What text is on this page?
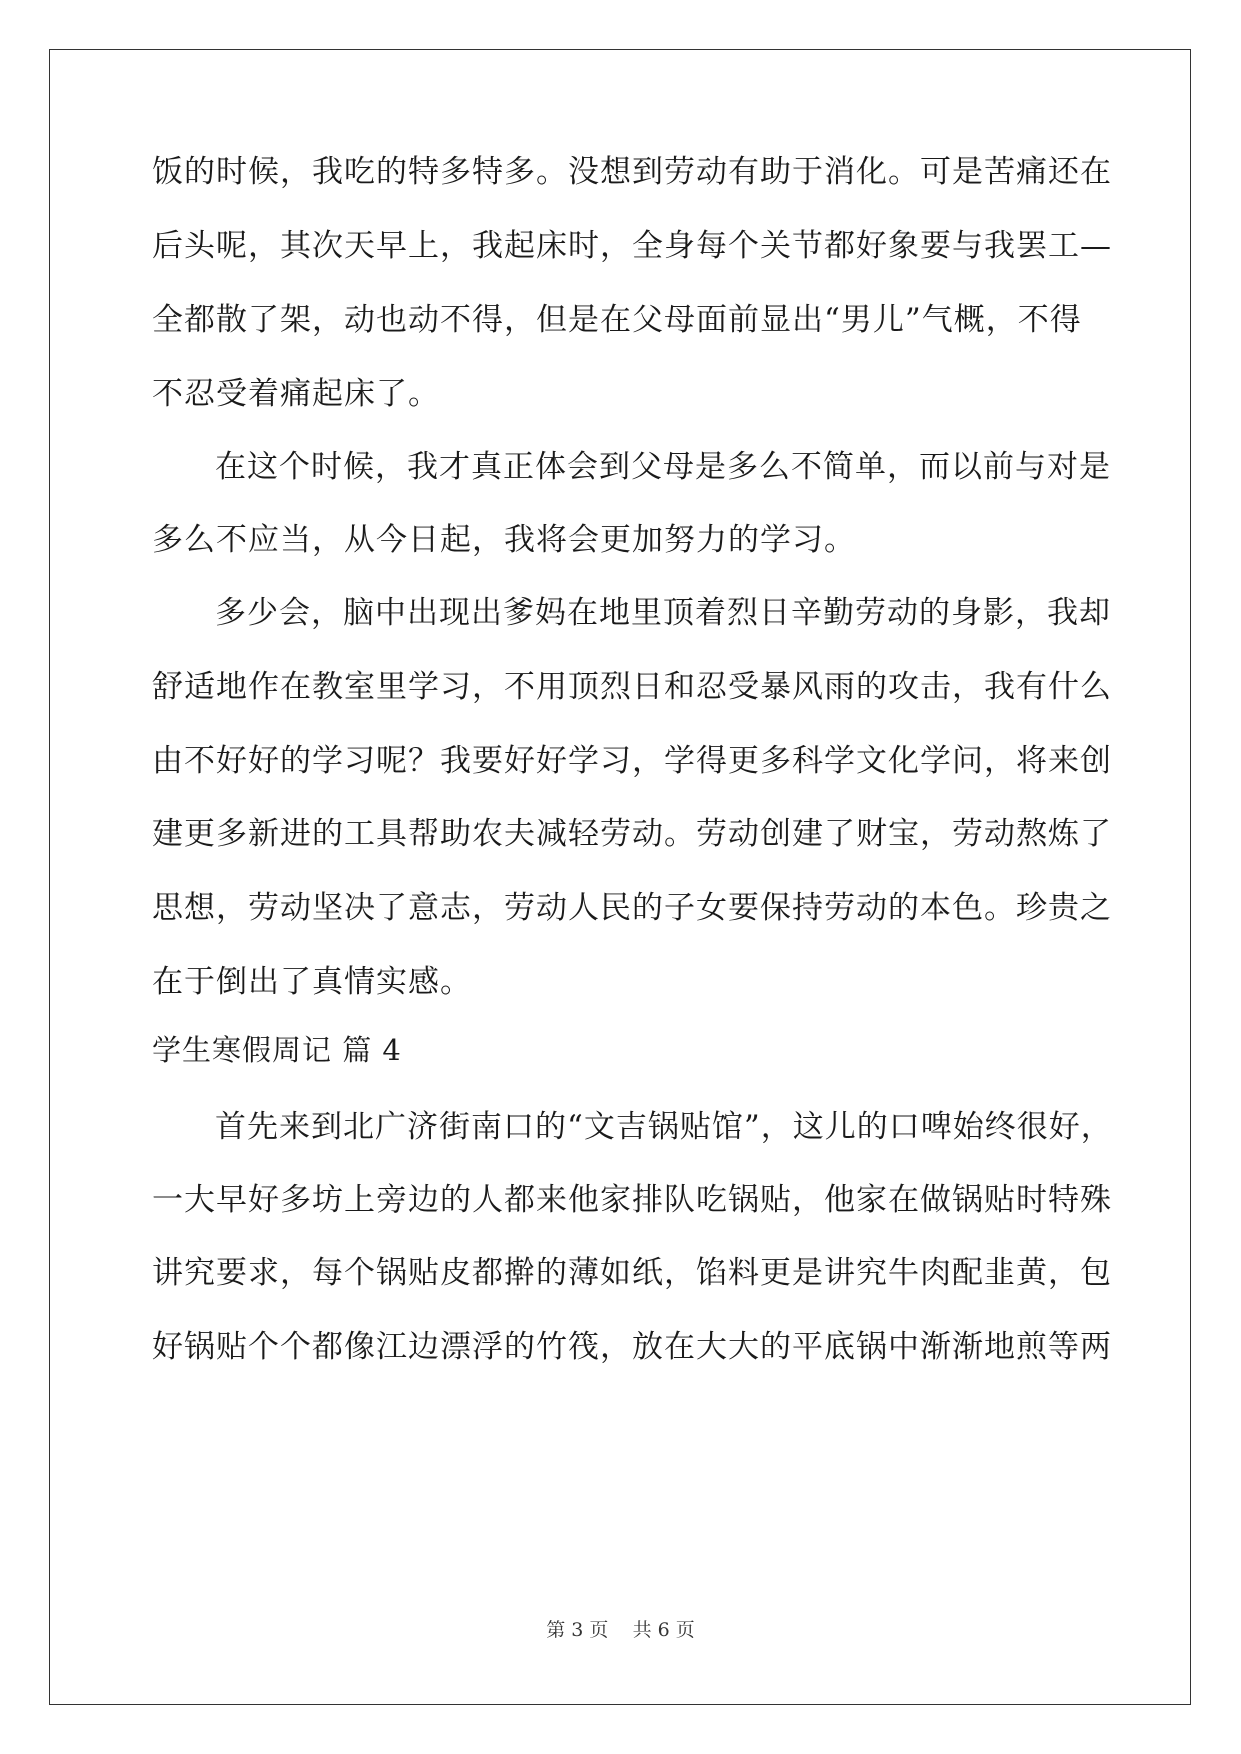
饭的时候，我吃的特多特多。没想到劳动有助于消化。可是苦痛还在
后头呢，其次天早上，我起床时，全身每个关节都好象要与我罢工—
全都散了架，动也动不得，但是在父母面前显出“男儿”气概，不得
不忍受着痛起床了。
在这个时候，我才真正体会到父母是多么不简单，而以前与对是
多么不应当，从今日起，我将会更加努力的学习。
多少会，脑中出现出爹妈在地里顶着烈日辛勤劳动的身影，我却
舒适地作在教室里学习，不用顶烈日和忍受暴风雨的攻击，我有什么
由不好好的学习呢？我要好好学习，学得更多科学文化学问，将来创
建更多新进的工具帮助农夫减轻劳动。劳动创建了财宝，劳动熬炼了
思想，劳动坚决了意志，劳动人民的子女要保持劳动的本色。珍贵之
在于倒出了真情实感。
学生寒假周记 篇 4
首先来到北广济街南口的“文吉锅贴馆”，这儿的口啤始终很好，
一大早好多坊上旁边的人都来他家排队吃锅贴，他家在做锅贴时特殊
讲究要求，每个锅贴皮都擀的薄如纸，馅料更是讲究牛肉配韭黄，包
好锅贴个个都像江边漂浮的竹筏，放在大大的平底锅中渐渐地煎等两
第 3 页    共 6 页
